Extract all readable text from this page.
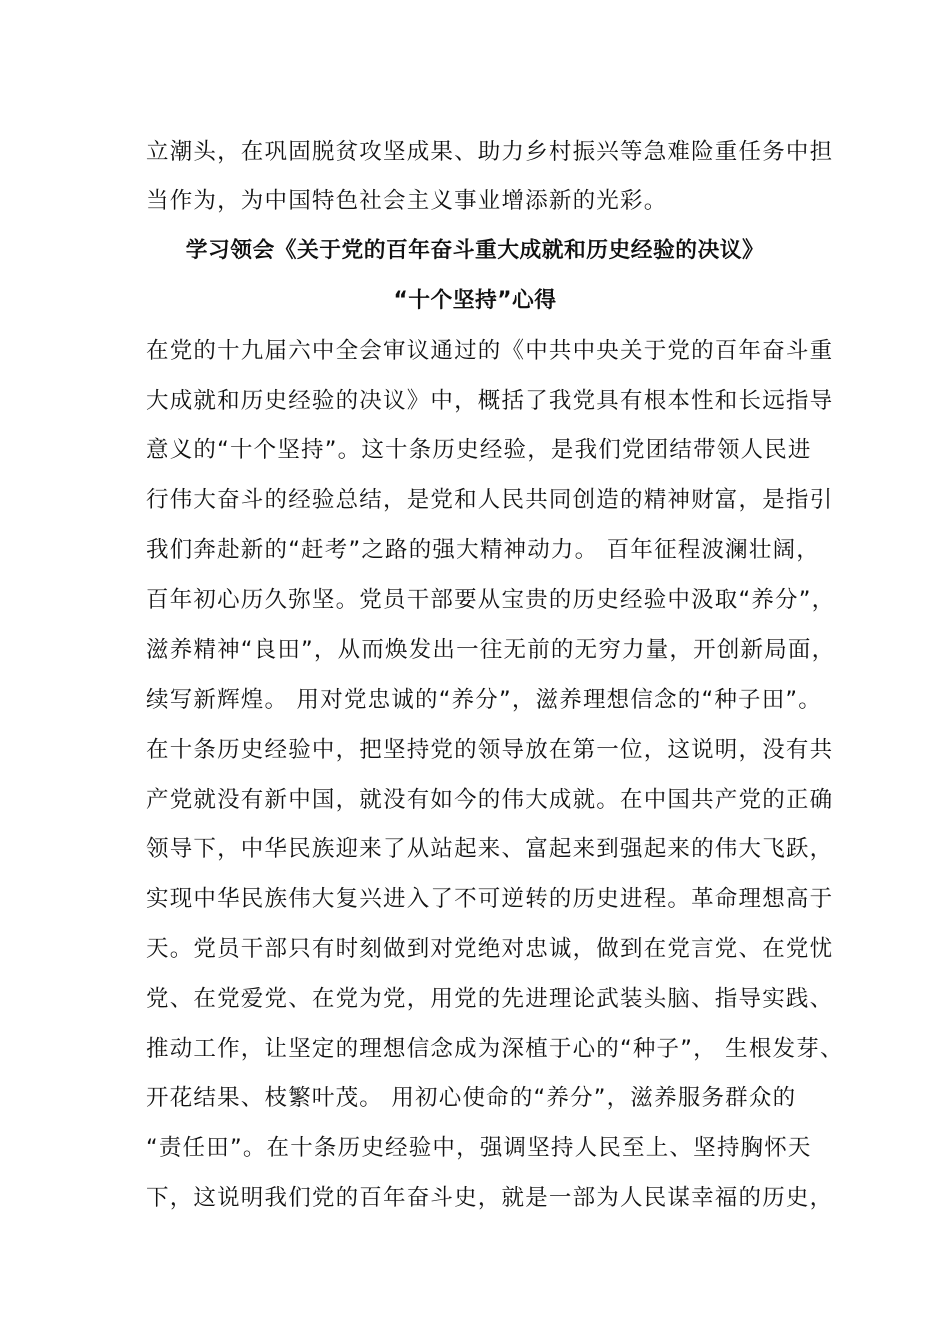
立潮头，在巩固脱贫攻坚成果、助力乡村振兴等急难险重任务中担
当作为，为中国特色社会主义事业增添新的光彩。
学习领会《关于党的百年奋斗重大成就和历史经验的决议》
“十个坚持”心得
在党的十九届六中全会审议通过的《中共中央关于党的百年奋斗重
大成就和历史经验的决议》中，概括了我党具有根本性和长远指导
意义的“十个坚持”。这十条历史经验，是我们党团结带领人民进
行伟大奋斗的经验总结，是党和人民共同创造的精神财富，是指引
我们奔赴新的“赶考”之路的强大精神动力。 百年征程波澜壮阔，
百年初心历久弥坚。党员干部要从宝贵的历史经验中汲取“养分”，
滋养精神“良田”，从而焕发出一往无前的无穷力量，开创新局面，
续写新辉煌。 用对党忠诚的“养分”，滋养理想信念的“种子田”。
在十条历史经验中，把坚持党的领导放在第一位，这说明，没有共
产党就没有新中国，就没有如今的伟大成就。在中国共产党的正确
领导下，中华民族迎来了从站起来、富起来到强起来的伟大飞跃，
实现中华民族伟大复兴进入了不可逆转的历史进程。革命理想高于
天。党员干部只有时刻做到对党绝对忠诚，做到在党言党、在党忧
党、在党爱党、在党为党，用党的先进理论武装头脑、指导实践、
推动工作，让坚定的理想信念成为深植于心的“种子”， 生根发芽、
开花结果、枝繁叶茂。 用初心使命的“养分”，滋养服务群众的
“责任田”。在十条历史经验中，强调坚持人民至上、坚持胸怀天
下，这说明我们党的百年奋斗史，就是一部为人民谋幸福的历史，
